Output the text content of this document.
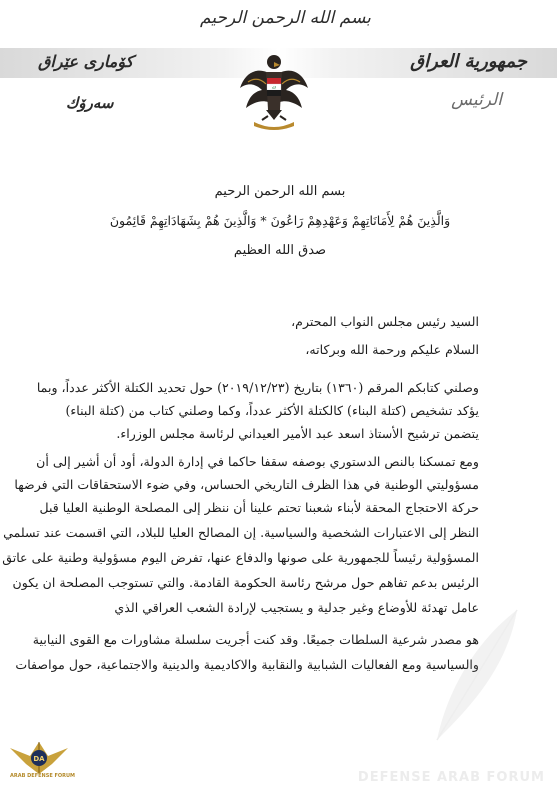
بسم الله الرحمن الرحيم
جمهورية العراق
الرئيس
كۆماری عێراق
سەرۆك
الله
بسم الله الرحمن الرحيم
وَالَّذِينَ هُمْ لِأَمَانَاتِهِمْ وَعَهْدِهِمْ رَاعُونَ * وَالَّذِينَ هُمْ بِشَهَادَاتِهِمْ قَائِمُونَ
صدق الله العظيم
السيد رئيس مجلس النواب المحترم،
السلام عليكم ورحمة الله وبركاته،
وصلني كتابكم المرقم (١٣٦٠) بتاريخ (٢٠١٩/١٢/٢٣) حول تحديد الكتلة الأكثر عدداً، وبما
يؤكد تشخيص (كتلة البناء) كالكتلة الأكثر عدداً، وكما وصلني كتاب من (كتلة البناء)
يتضمن ترشيح الأستاذ اسعد عبد الأمير العيداني لرئاسة مجلس الوزراء.
ومع تمسكنا بالنص الدستوري بوصفه سقفا حاكما في إدارة الدولة، أود أن أشير إلى أن
مسؤوليتي الوطنية في هذا الظرف التاريخي الحساس، وفي ضوء الاستحقاقات التي فرضها
حركة الاحتجاج المحقة لأبناء شعبنا تحتم علينا أن ننظر إلى المصلحة الوطنية العليا قبل
النظر إلى الاعتبارات الشخصية والسياسية. إن المصالح العليا للبلاد، التي اقسمت عند تسلمي
المسؤولية رئيساً للجمهورية على صونها والدفاع عنها، تفرض اليوم مسؤولية وطنية على عاتق
الرئيس بدعم تفاهم حول مرشح رئاسة الحكومة القادمة. والتي تستوجب المصلحة ان يكون
عامل تهدئة للأوضاع وغير جدلية و يستجيب لإرادة الشعب العراقي الذي
هو مصدر شرعية السلطات جميعًا. وقد كنت أجريت سلسلة مشاورات مع القوى النيابية
والسياسية ومع الفعاليات الشبابية والنقابية والاكاديمية والدينية والاجتماعية، حول مواصفات
DA
ARAB DEFENSE FORUM	DEFENSE ARAB FORUM
